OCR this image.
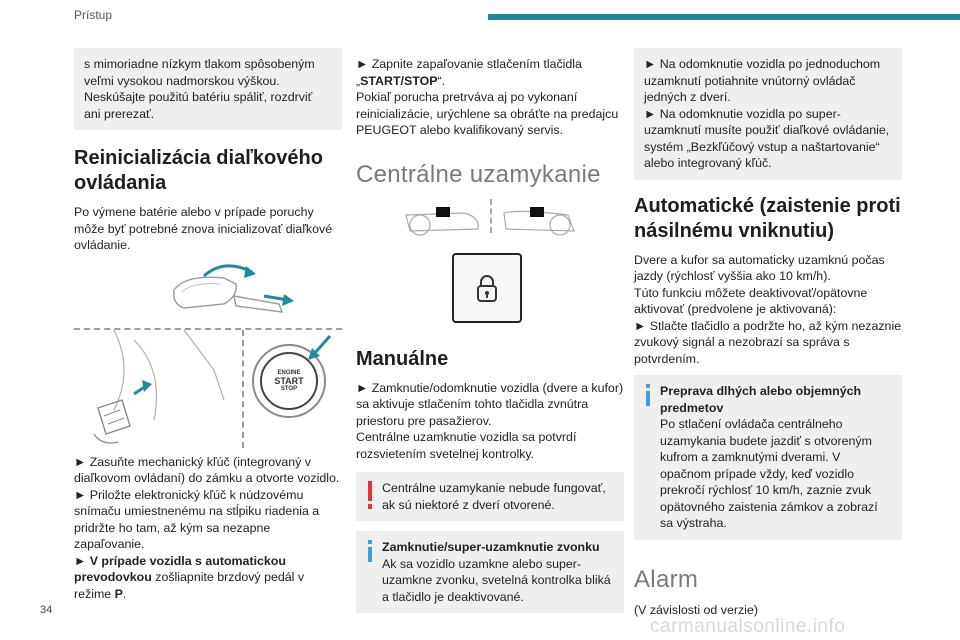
Prístup

s mimoriadne nízkym tlakom spôsobeným veľmi vysokou nadmorskou výškou. Neskúšajte použitú batériu spáliť, rozdrviť ani prerezať.

Reinicializácia diaľkového ovládania

Po výmene batérie alebo v prípade poruchy môže byť potrebné znova inicializovať diaľkové ovládanie.

ENGINE
START
STOP

► Zasuňte mechanický kľúč (integrovaný v diaľkovom ovládaní) do zámku a otvorte vozidlo.

► Priložte elektronický kľúč k núdzovému snímaču umiestnenému na stĺpiku riadenia a pridržte ho tam, až kým sa nezapne zapaľovanie.

► V prípade vozidla s automatickou prevodovkou zošliapnite brzdový pedál v režime P.

► Zapnite zapaľovanie stlačením tlačidla „START/STOP“.

Pokiaľ porucha pretrváva aj po vykonaní reinicializácie, urýchlene sa obráťte na predajcu PEUGEOT alebo kvalifikovaný servis.

Centrálne uzamykanie
Manuálne

► Zamknutie/odomknutie vozidla (dvere a kufor) sa aktivuje stlačením tohto tlačidla zvnútra priestoru pre pasažierov.

Centrálne uzamknutie vozidla sa potvrdí rozsvietením svetelnej kontrolky.

Centrálne uzamykanie nebude fungovať, ak sú niektoré z dverí otvorené.

Zamknutie/super-uzamknutie zvonku

Ak sa vozidlo uzamkne alebo super-uzamkne zvonku, svetelná kontrolka bliká a tlačidlo je deaktivované.

► Na odomknutie vozidla po jednoduchom uzamknutí potiahnite vnútorný ovládač jedných z dverí.

► Na odomknutie vozidla po super-uzamknutí musíte použiť diaľkové ovládanie, systém „Bezkľúčový vstup a naštartovanie“ alebo integrovaný kľúč.

Automatické (zaistenie proti násilnému vniknutiu)

Dvere a kufor sa automaticky uzamknú počas jazdy (rýchlosť vyššia ako 10 km/h).

Túto funkciu môžete deaktivovať/opätovne aktivovať (predvolene je aktivovaná):

► Stlačte tlačidlo a podržte ho, až kým nezaznie zvukový signál a nezobrazí sa správa s potvrdením.

Preprava dlhých alebo objemných predmetov

Po stlačení ovládača centrálneho uzamykania budete jazdiť s otvoreným kufrom a zamknutými dverami. V opačnom prípade vždy, keď vozidlo prekročí rýchlosť 10 km/h, zaznie zvuk opätovného zaistenia zámkov a zobrazí sa výstraha.

Alarm

(V závislosti od verzie)

34
carmanualsonline.info
